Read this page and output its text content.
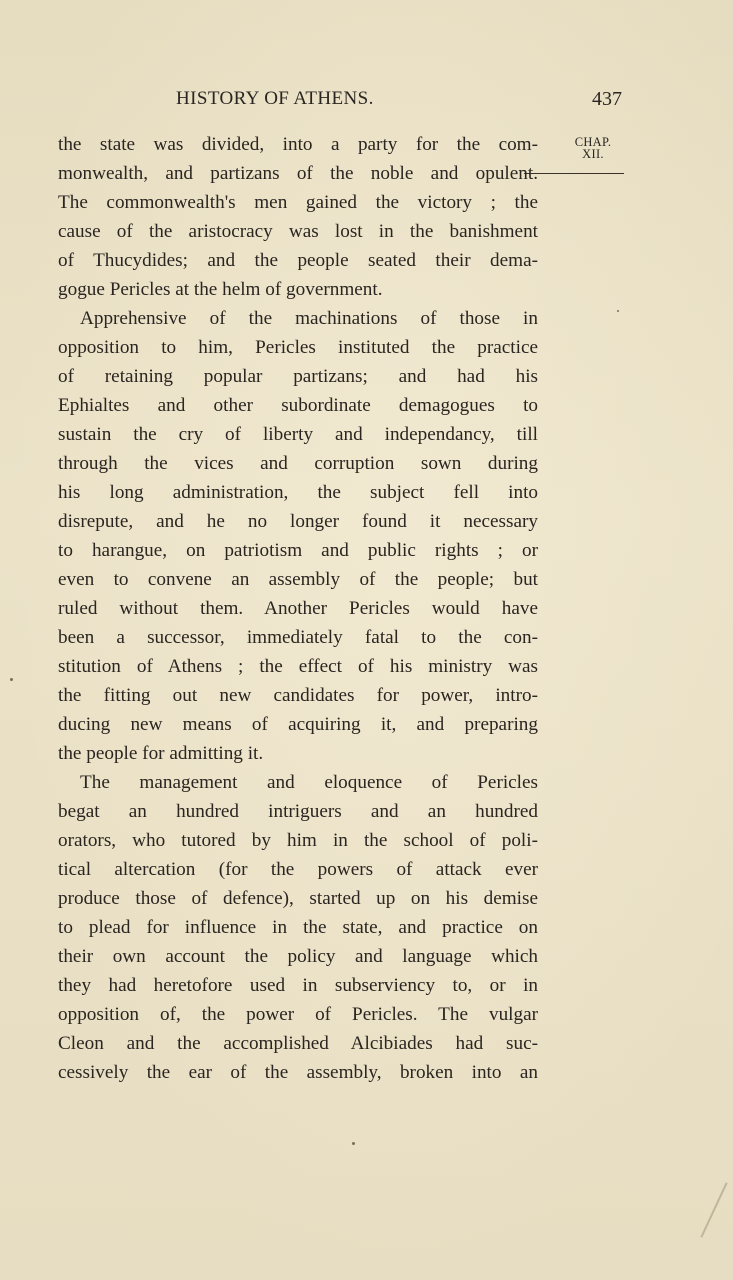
HISTORY OF ATHENS.	437
CHAP.
XII.
the state was divided, into a party for the com-
monwealth, and partizans of the noble and opulent.
The commonwealth's men gained the victory ; the
cause of the aristocracy was lost in the banishment
of Thucydides; and the people seated their dema-
gogue Pericles at the helm of government.
Apprehensive of the machinations of those in
opposition to him, Pericles instituted the practice
of retaining popular partizans; and had his
Ephialtes and other subordinate demagogues to
sustain the cry of liberty and independancy, till
through the vices and corruption sown during
his long administration, the subject fell into
disrepute, and he no longer found it necessary
to harangue, on patriotism and public rights ; or
even to convene an assembly of the people; but
ruled without them. Another Pericles would have
been a successor, immediately fatal to the con-
stitution of Athens ; the effect of his ministry was
the fitting out new candidates for power, intro-
ducing new means of acquiring it, and preparing
the people for admitting it.
The management and eloquence of Pericles
begat an hundred intriguers and an hundred
orators, who tutored by him in the school of poli-
tical altercation (for the powers of attack ever
produce those of defence), started up on his demise
to plead for influence in the state, and practice on
their own account the policy and language which
they had heretofore used in subserviency to, or in
opposition of, the power of Pericles. The vulgar
Cleon and the accomplished Alcibiades had suc-
cessively the ear of the assembly, broken into an
